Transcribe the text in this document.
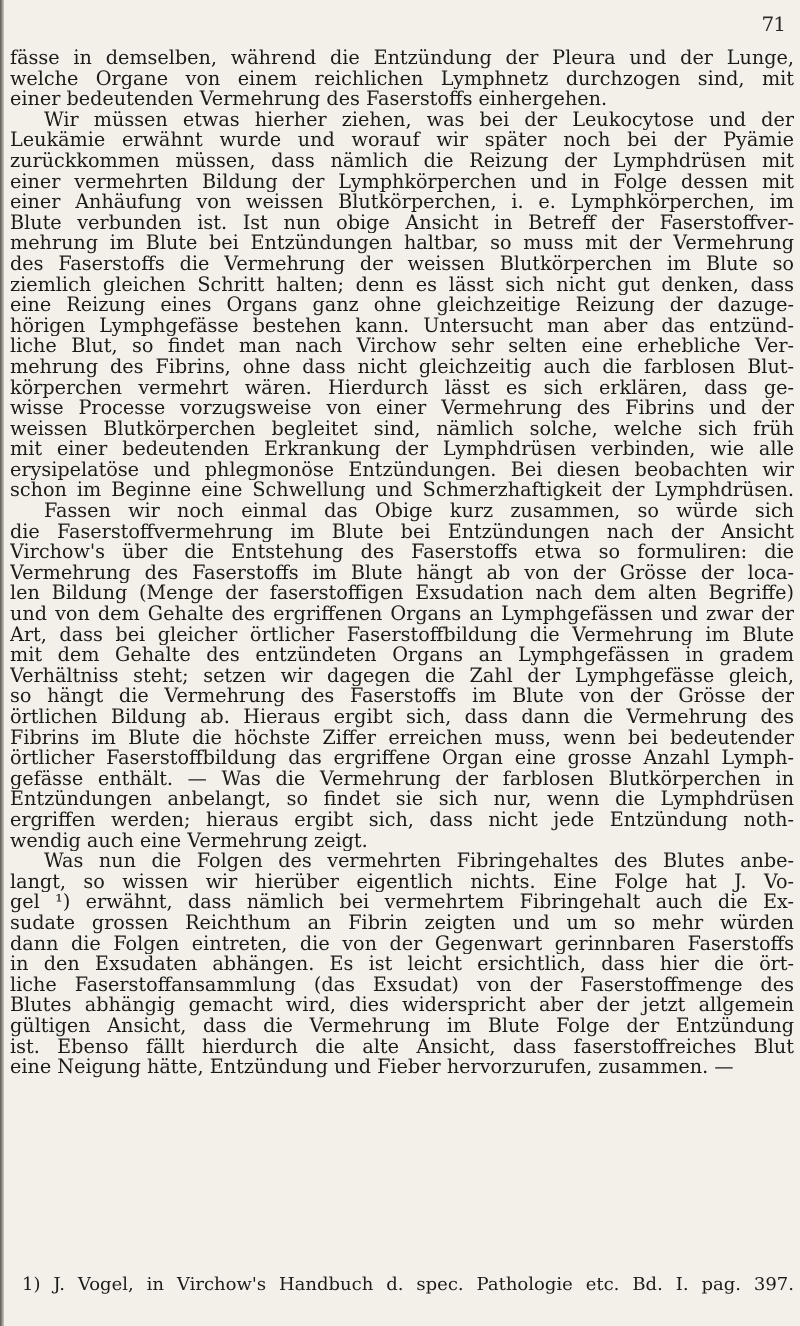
71
fässe in demselben, während die Entzündung der Pleura und der Lunge,
welche Organe von einem reichlichen Lymphnetz durchzogen sind, mit
einer bedeutenden Vermehrung des Faserstoffs einhergehen.
Wir müssen etwas hierher ziehen, was bei der Leukocytose und der
Leukämie erwähnt wurde und worauf wir später noch bei der Pyämie
zurückkommen müssen, dass nämlich die Reizung der Lymphdrüsen mit
einer vermehrten Bildung der Lymphkörperchen und in Folge dessen mit
einer Anhäufung von weissen Blutkörperchen, i. e. Lymphkörperchen, im
Blute verbunden ist. Ist nun obige Ansicht in Betreff der Faserstoffver-
mehrung im Blute bei Entzündungen haltbar, so muss mit der Vermehrung
des Faserstoffs die Vermehrung der weissen Blutkörperchen im Blute so
ziemlich gleichen Schritt halten; denn es lässt sich nicht gut denken, dass
eine Reizung eines Organs ganz ohne gleichzeitige Reizung der dazuge-
hörigen Lymphgefässe bestehen kann. Untersucht man aber das entzünd-
liche Blut, so findet man nach Virchow sehr selten eine erhebliche Ver-
mehrung des Fibrins, ohne dass nicht gleichzeitig auch die farblosen Blut-
körperchen vermehrt wären. Hierdurch lässt es sich erklären, dass ge-
wisse Processe vorzugsweise von einer Vermehrung des Fibrins und der
weissen Blutkörperchen begleitet sind, nämlich solche, welche sich früh
mit einer bedeutenden Erkrankung der Lymphdrüsen verbinden, wie alle
erysipelatöse und phlegmonöse Entzündungen. Bei diesen beobachten wir
schon im Beginne eine Schwellung und Schmerzhaftigkeit der Lymphdrüsen.
Fassen wir noch einmal das Obige kurz zusammen, so würde sich
die Faserstoffvermehrung im Blute bei Entzündungen nach der Ansicht
Virchow's über die Entstehung des Faserstoffs etwa so formuliren: die
Vermehrung des Faserstoffs im Blute hängt ab von der Grösse der loca-
len Bildung (Menge der faserstoffigen Exsudation nach dem alten Begriffe)
und von dem Gehalte des ergriffenen Organs an Lymphgefässen und zwar der
Art, dass bei gleicher örtlicher Faserstoffbildung die Vermehrung im Blute
mit dem Gehalte des entzündeten Organs an Lymphgefässen in gradem
Verhältniss steht; setzen wir dagegen die Zahl der Lymphgefässe gleich,
so hängt die Vermehrung des Faserstoffs im Blute von der Grösse der
örtlichen Bildung ab. Hieraus ergibt sich, dass dann die Vermehrung des
Fibrins im Blute die höchste Ziffer erreichen muss, wenn bei bedeutender
örtlicher Faserstoffbildung das ergriffene Organ eine grosse Anzahl Lymph-
gefässe enthält. — Was die Vermehrung der farblosen Blutkörperchen in
Entzündungen anbelangt, so findet sie sich nur, wenn die Lymphdrüsen
ergriffen werden; hieraus ergibt sich, dass nicht jede Entzündung noth-
wendig auch eine Vermehrung zeigt.
Was nun die Folgen des vermehrten Fibringehaltes des Blutes anbe-
langt, so wissen wir hierüber eigentlich nichts. Eine Folge hat J. Vo-
gel ¹) erwähnt, dass nämlich bei vermehrtem Fibringehalt auch die Ex-
sudate grossen Reichthum an Fibrin zeigten und um so mehr würden
dann die Folgen eintreten, die von der Gegenwart gerinnbaren Faserstoffs
in den Exsudaten abhängen. Es ist leicht ersichtlich, dass hier die ört-
liche Faserstoffansammlung (das Exsudat) von der Faserstoffmenge des
Blutes abhängig gemacht wird, dies widerspricht aber der jetzt allgemein
gültigen Ansicht, dass die Vermehrung im Blute Folge der Entzündung
ist. Ebenso fällt hierdurch die alte Ansicht, dass faserstoffreiches Blut
eine Neigung hätte, Entzündung und Fieber hervorzurufen, zusammen. —
1) J. Vogel, in Virchow's Handbuch d. spec. Pathologie etc. Bd. I. pag. 397.
